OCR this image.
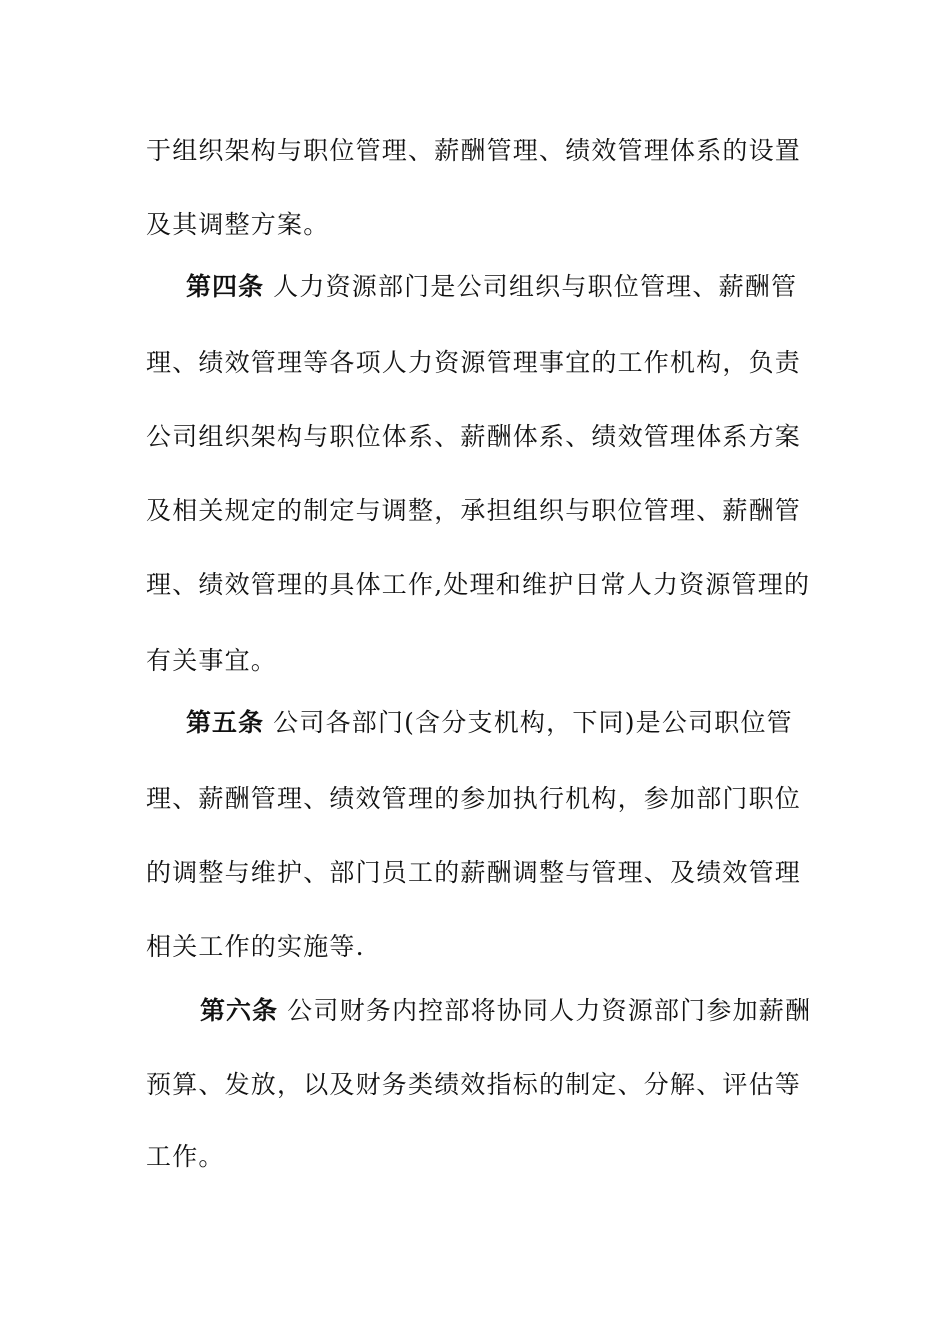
于组织架构与职位管理、薪酬管理、绩效管理体系的设置
及其调整方案。
第四条 人力资源部门是公司组织与职位管理、薪酬管
理、绩效管理等各项人力资源管理事宜的工作机构，负责
公司组织架构与职位体系、薪酬体系、绩效管理体系方案
及相关规定的制定与调整，承担组织与职位管理、薪酬管
理、绩效管理的具体工作,处理和维护日常人力资源管理的
有关事宜。
第五条 公司各部门(含分支机构，下同)是公司职位管
理、薪酬管理、绩效管理的参加执行机构，参加部门职位
的调整与维护、部门员工的薪酬调整与管理、及绩效管理
相关工作的实施等.
第六条 公司财务内控部将协同人力资源部门参加薪酬
预算、发放，以及财务类绩效指标的制定、分解、评估等
工作。
